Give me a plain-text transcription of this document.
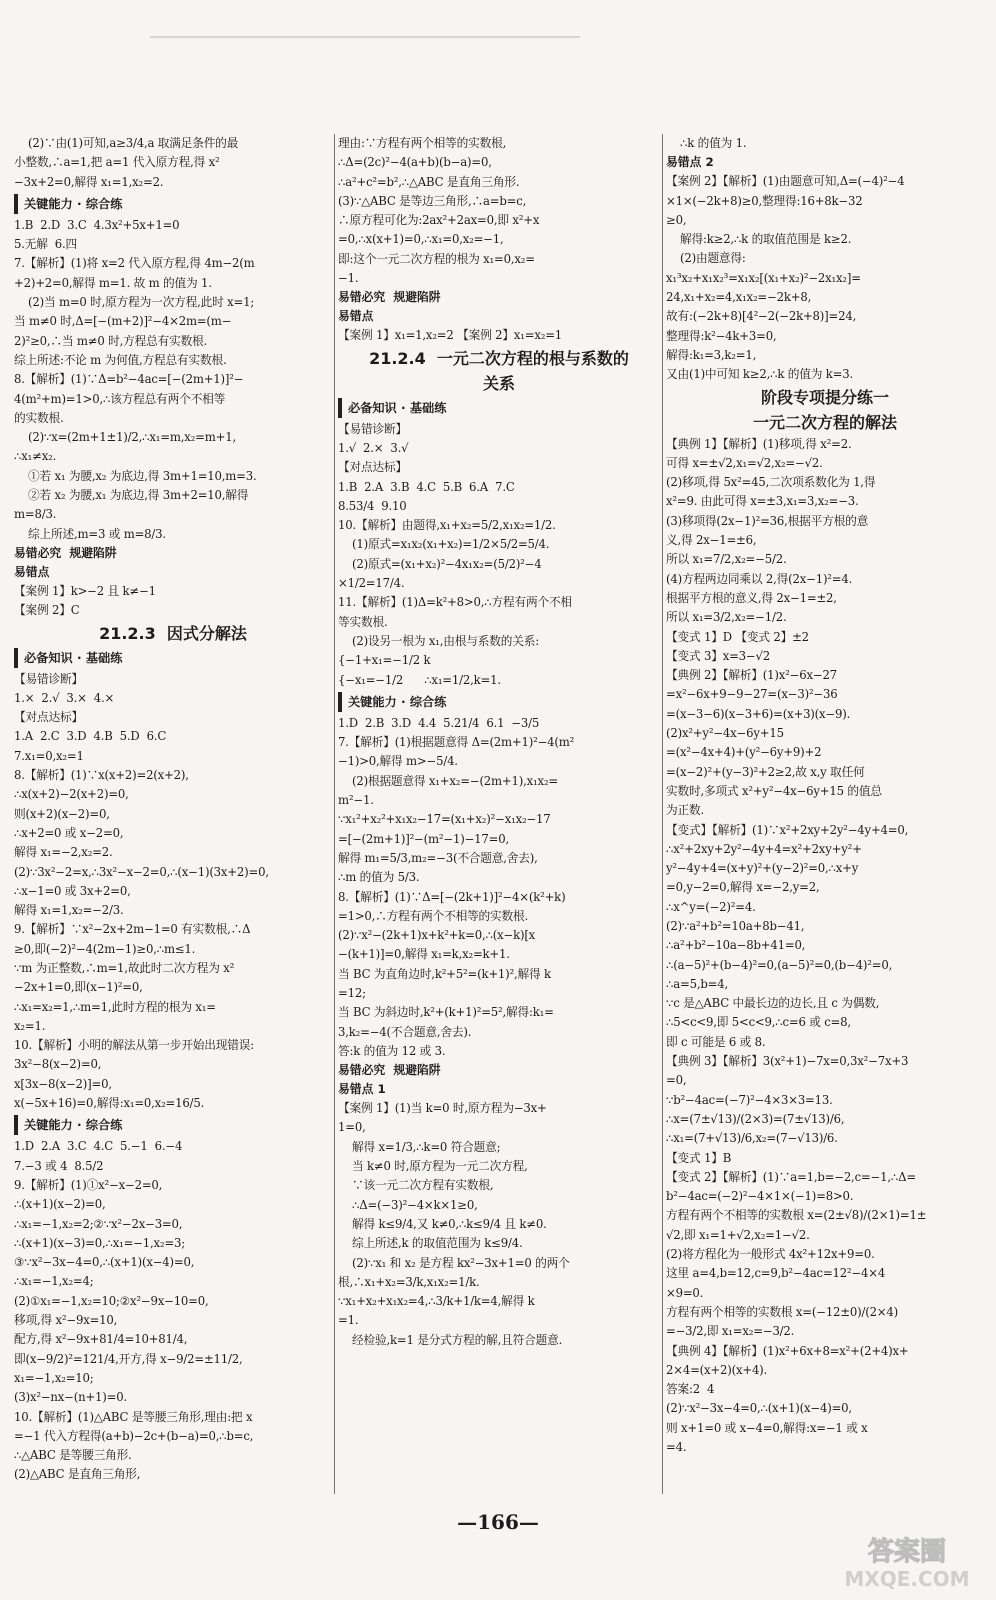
(2)∵由(1)可知,a≥3/4,a 取满足条件的最
小整数,∴a=1,把 a=1 代入原方程,得 x²
−3x+2=0,解得 x₁=1,x₂=2.
关键能力 · 综合练
1.B  2.D  3.C  4.3x²+5x+1=0
5.无解  6.四
7.【解析】(1)将 x=2 代入原方程,得 4m−2(m
+2)+2=0,解得 m=1. 故 m 的值为 1.
(2)当 m=0 时,原方程为一次方程,此时 x=1;
当 m≠0 时,Δ=[−(m+2)]²−4×2m=(m−
2)²≥0,∴当 m≠0 时,方程总有实数根.
综上所述:不论 m 为何值,方程总有实数根.
8.【解析】(1)∵Δ=b²−4ac=[−(2m+1)]²−
4(m²+m)=1>0,∴该方程总有两个不相等
的实数根.
(2)∵x=(2m+1±1)/2,∴x₁=m,x₂=m+1,
∴x₁≠x₂.
①若 x₁ 为腰,x₂ 为底边,得 3m+1=10,m=3.
②若 x₂ 为腰,x₁ 为底边,得 3m+2=10,解得
m=8/3.
综上所述,m=3 或 m=8/3.
易错必究  规避陷阱
易错点
【案例 1】k>−2 且 k≠−1
【案例 2】C
21.2.3  因式分解法
必备知识 · 基础练
【易错诊断】
1.×  2.√  3.×  4.×
【对点达标】
1.A  2.C  3.D  4.B  5.D  6.C
7.x₁=0,x₂=1
8.【解析】(1)∵x(x+2)=2(x+2),
∴x(x+2)−2(x+2)=0,
则(x+2)(x−2)=0,
∴x+2=0 或 x−2=0,
解得 x₁=−2,x₂=2.
(2)∵3x²−2=x,∴3x²−x−2=0,∴(x−1)(3x+2)=0,
∴x−1=0 或 3x+2=0,
解得 x₁=1,x₂=−2/3.
9.【解析】∵x²−2x+2m−1=0 有实数根,∴Δ
≥0,即(−2)²−4(2m−1)≥0,∴m≤1.
∵m 为正整数,∴m=1,故此时二次方程为 x²
−2x+1=0,即(x−1)²=0,
∴x₁=x₂=1,∴m=1,此时方程的根为 x₁=
x₂=1.
10.【解析】小明的解法从第一步开始出现错误:
3x²−8(x−2)=0,
x[3x−8(x−2)]=0,
x(−5x+16)=0,解得:x₁=0,x₂=16/5.
关键能力 · 综合练
1.D  2.A  3.C  4.C  5.−1  6.−4
7.−3 或 4  8.5/2
9.【解析】(1)①x²−x−2=0,
∴(x+1)(x−2)=0,
∴x₁=−1,x₂=2;②∵x²−2x−3=0,
∴(x+1)(x−3)=0,∴x₁=−1,x₂=3;
③∵x²−3x−4=0,∴(x+1)(x−4)=0,
∴x₁=−1,x₂=4;
(2)①x₁=−1,x₂=10;②x²−9x−10=0,
移项,得 x²−9x=10,
配方,得 x²−9x+81/4=10+81/4,
即(x−9/2)²=121/4,开方,得 x−9/2=±11/2,
x₁=−1,x₂=10;
(3)x²−nx−(n+1)=0.
10.【解析】(1)△ABC 是等腰三角形,理由:把 x
=−1 代入方程得(a+b)−2c+(b−a)=0,∴b=c,
∴△ABC 是等腰三角形.
(2)△ABC 是直角三角形,
理由:∵方程有两个相等的实数根,
∴Δ=(2c)²−4(a+b)(b−a)=0,
∴a²+c²=b²,∴△ABC 是直角三角形.
(3)∵△ABC 是等边三角形,∴a=b=c,
∴原方程可化为:2ax²+2ax=0,即 x²+x
=0,∴x(x+1)=0,∴x₁=0,x₂=−1,
即:这个一元二次方程的根为 x₁=0,x₂=
−1.
易错必究  规避陷阱
易错点
【案例 1】x₁=1,x₂=2 【案例 2】x₁=x₂=1
21.2.4  一元二次方程的根与系数的
关系
必备知识 · 基础练
【易错诊断】
1.√  2.×  3.√
【对点达标】
1.B  2.A  3.B  4.C  5.B  6.A  7.C
8.53/4  9.10
10.【解析】由题得,x₁+x₂=5/2,x₁x₂=1/2.
(1)原式=x₁x₂(x₁+x₂)=1/2×5/2=5/4.
(2)原式=(x₁+x₂)²−4x₁x₂=(5/2)²−4
×1/2=17/4.
11.【解析】(1)Δ=k²+8>0,∴方程有两个不相
等实数根.
(2)设另一根为 x₁,由根与系数的关系:
{−1+x₁=−1/2 k
{−x₁=−1/2      ∴x₁=1/2,k=1.
关键能力 · 综合练
1.D  2.B  3.D  4.4  5.21/4  6.1  −3/5
7.【解析】(1)根据题意得 Δ=(2m+1)²−4(m²
−1)>0,解得 m>−5/4.
(2)根据题意得 x₁+x₂=−(2m+1),x₁x₂=
m²−1.
∵x₁²+x₂²+x₁x₂−17=(x₁+x₂)²−x₁x₂−17
=[−(2m+1)]²−(m²−1)−17=0,
解得 m₁=5/3,m₂=−3(不合题意,舍去),
∴m 的值为 5/3.
8.【解析】(1)∵Δ=[−(2k+1)]²−4×(k²+k)
=1>0,∴方程有两个不相等的实数根.
(2)∵x²−(2k+1)x+k²+k=0,∴(x−k)[x
−(k+1)]=0,解得 x₁=k,x₂=k+1.
当 BC 为直角边时,k²+5²=(k+1)²,解得 k
=12;
当 BC 为斜边时,k²+(k+1)²=5²,解得:k₁=
3,k₂=−4(不合题意,舍去).
答:k 的值为 12 或 3.
易错必究  规避陷阱
易错点 1
【案例 1】(1)当 k=0 时,原方程为−3x+
1=0,
解得 x=1/3,∴k=0 符合题意;
当 k≠0 时,原方程为一元二次方程,
∵该一元二次方程有实数根,
∴Δ=(−3)²−4×k×1≥0,
解得 k≤9/4,又 k≠0,∴k≤9/4 且 k≠0.
综上所述,k 的取值范围为 k≤9/4.
(2)∵x₁ 和 x₂ 是方程 kx²−3x+1=0 的两个
根,∴x₁+x₂=3/k,x₁x₂=1/k.
∵x₁+x₂+x₁x₂=4,∴3/k+1/k=4,解得 k
=1.
经检验,k=1 是分式方程的解,且符合题意.
∴k 的值为 1.
易错点 2
【案例 2】【解析】(1)由题意可知,Δ=(−4)²−4
×1×(−2k+8)≥0,整理得:16+8k−32
≥0,
解得:k≥2,∴k 的取值范围是 k≥2.
(2)由题意得:
x₁³x₂+x₁x₂³=x₁x₂[(x₁+x₂)²−2x₁x₂]=
24,x₁+x₂=4,x₁x₂=−2k+8,
故有:(−2k+8)[4²−2(−2k+8)]=24,
整理得:k²−4k+3=0,
解得:k₁=3,k₂=1,
又由(1)中可知 k≥2,∴k 的值为 k=3.
阶段专项提分练一
一元二次方程的解法
【典例 1】【解析】(1)移项,得 x²=2.
可得 x=±√2,x₁=√2,x₂=−√2.
(2)移项,得 5x²=45,二次项系数化为 1,得
x²=9. 由此可得 x=±3,x₁=3,x₂=−3.
(3)移项得(2x−1)²=36,根据平方根的意
义,得 2x−1=±6,
所以 x₁=7/2,x₂=−5/2.
(4)方程两边同乘以 2,得(2x−1)²=4.
根据平方根的意义,得 2x−1=±2,
所以 x₁=3/2,x₂=−1/2.
【变式 1】D 【变式 2】±2
【变式 3】x=3−√2
【典例 2】【解析】(1)x²−6x−27
=x²−6x+9−9−27=(x−3)²−36
=(x−3−6)(x−3+6)=(x+3)(x−9).
(2)x²+y²−4x−6y+15
=(x²−4x+4)+(y²−6y+9)+2
=(x−2)²+(y−3)²+2≥2,故 x,y 取任何
实数时,多项式 x²+y²−4x−6y+15 的值总
为正数.
【变式】【解析】(1)∵x²+2xy+2y²−4y+4=0,
∴x²+2xy+2y²−4y+4=x²+2xy+y²+
y²−4y+4=(x+y)²+(y−2)²=0,∴x+y
=0,y−2=0,解得 x=−2,y=2,
∴x^y=(−2)²=4.
(2)∵a²+b²=10a+8b−41,
∴a²+b²−10a−8b+41=0,
∴(a−5)²+(b−4)²=0,(a−5)²=0,(b−4)²=0,
∴a=5,b=4,
∵c 是△ABC 中最长边的边长,且 c 为偶数,
∴5<c<9,即 5<c<9,∴c=6 或 c=8,
即 c 可能是 6 或 8.
【典例 3】【解析】3(x²+1)−7x=0,3x²−7x+3
=0,
∵b²−4ac=(−7)²−4×3×3=13.
∴x=(7±√13)/(2×3)=(7±√13)/6,
∴x₁=(7+√13)/6,x₂=(7−√13)/6.
【变式 1】B
【变式 2】【解析】(1)∵a=1,b=−2,c=−1,∴Δ=
b²−4ac=(−2)²−4×1×(−1)=8>0.
方程有两个不相等的实数根 x=(2±√8)/(2×1)=1±
√2,即 x₁=1+√2,x₂=1−√2.
(2)将方程化为一般形式 4x²+12x+9=0.
这里 a=4,b=12,c=9,b²−4ac=12²−4×4
×9=0.
方程有两个相等的实数根 x=(−12±0)/(2×4)
=−3/2,即 x₁=x₂=−3/2.
【典例 4】【解析】(1)x²+6x+8=x²+(2+4)x+
2×4=(x+2)(x+4).
答案:2  4
(2)∵x²−3x−4=0,∴(x+1)(x−4)=0,
则 x+1=0 或 x−4=0,解得:x=−1 或 x
=4.
—166—
答案圈
MXQE.COM
